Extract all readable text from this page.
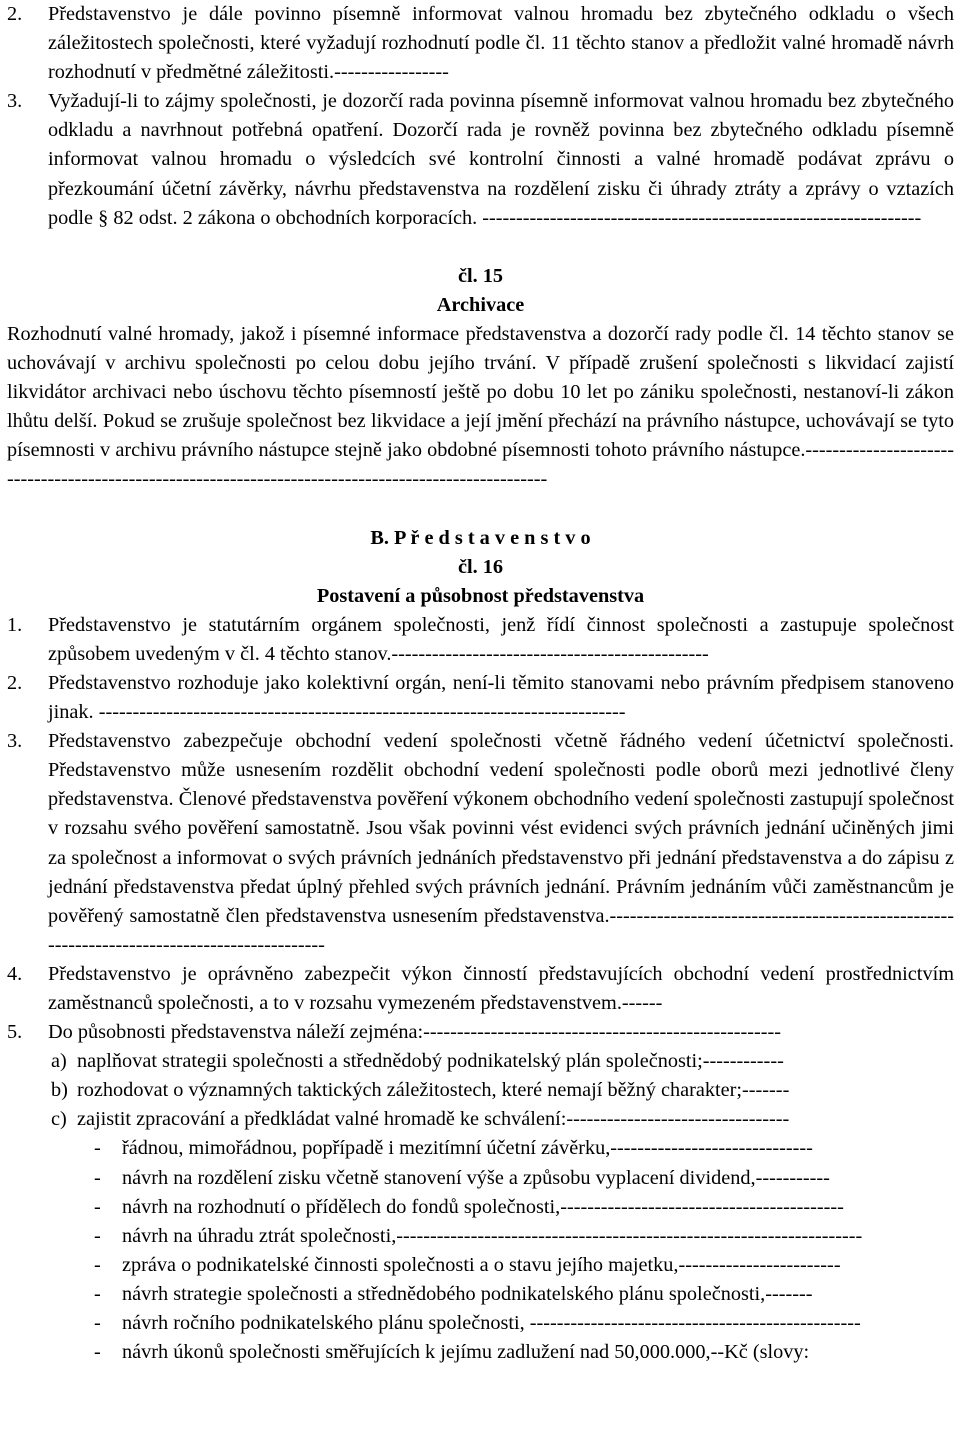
2.	Představenstvo je dále povinno písemně informovat valnou hromadu bez zbytečného odkladu o všech záležitostech společnosti, které vyžadují rozhodnutí podle čl. 11 těchto stanov a předložit valné hromadě návrh rozhodnutí v předmětné záležitosti.-----------------
3.	Vyžadují-li to zájmy společnosti, je dozorčí rada povinna písemně informovat valnou hromadu bez zbytečného odkladu a navrhnout potřebná opatření. Dozorčí rada je rovněž povinna bez zbytečného odkladu písemně informovat valnou hromadu o výsledcích své kontrolní činnosti a valné hromadě podávat zprávu o přezkoumání účetní závěrky, návrhu představenstva na rozdělení zisku či úhrady ztráty a zprávy o vztazích podle § 82 odst. 2 zákona o obchodních korporacích. -----------------------------------------------------------------
čl. 15
Archivace
Rozhodnutí valné hromady, jakož i písemné informace představenstva a dozorčí rady podle čl. 14 těchto stanov se uchovávají v archivu společnosti po celou dobu jejího trvání. V případě zrušení společnosti s likvidací zajistí likvidátor archivaci nebo úschovu těchto písemností ještě po dobu 10 let po zániku společnosti, nestanoví-li zákon lhůtu delší. Pokud se zrušuje společnost bez likvidace a její jmění přechází na právního nástupce, uchovávají se tyto písemnosti v archivu právního nástupce stejně jako obdobné písemnosti tohoto právního nástupce.------------------------------------------------------------------------------------------------------
B. P ř e d s t a v e n s t v o
čl. 16
Postavení a působnost představenstva
1.	Představenstvo je statutárním orgánem společnosti, jenž řídí činnost společnosti a zastupuje společnost způsobem uvedeným v čl. 4 těchto stanov.-----------------------------------------------
2.	Představenstvo rozhoduje jako kolektivní orgán, není-li těmito stanovami nebo právním předpisem stanoveno jinak. ------------------------------------------------------------------------------
3.	Představenstvo zabezpečuje obchodní vedení společnosti včetně řádného vedení účetnictví společnosti. Představenstvo může usnesením rozdělit obchodní vedení společnosti podle oborů mezi jednotlivé členy představenstva. Členové představenstva pověření výkonem obchodního vedení společnosti zastupují společnost v rozsahu svého pověření samostatně. Jsou však povinni vést evidenci svých právních jednání učiněných jimi za společnost a informovat o svých právních jednáních představenstvo při jednání představenstva a do zápisu z jednání představenstva předat úplný přehled svých právních jednání. Právním jednáním vůči zaměstnancům je pověřený samostatně člen představenstva usnesením představenstva.--------------------------------------------------------------------------------------------
4.	Představenstvo je oprávněno zabezpečit výkon činností představujících obchodní vedení prostřednictvím zaměstnanců společnosti, a to v rozsahu vymezeném představenstvem.------
5.	Do působnosti představenstva náleží zejména:-----------------------------------------------------
a) naplňovat strategii společnosti a střednědobý podnikatelský plán společnosti;------------
b) rozhodovat o významných taktických záležitostech, které nemají běžný charakter;-------
c) zajistit zpracování a předkládat valné hromadě ke schválení:---------------------------------
-	řádnou, mimořádnou, popřípadě i mezitímní účetní závěrku,------------------------------
-	návrh na rozdělení zisku včetně stanovení výše a způsobu vyplacení dividend,-----------
-	návrh na rozhodnutí o přídělech do fondů společnosti,------------------------------------------
-	návrh na úhradu ztrát společnosti,---------------------------------------------------------------------
-	zpráva o podnikatelské činnosti společnosti a o stavu jejího majetku,------------------------
-	návrh strategie společnosti a střednědobého podnikatelského plánu společnosti,-------
-	návrh ročního podnikatelského plánu společnosti, -------------------------------------------------
-	návrh úkonů společnosti směřujících k jejímu zadlužení nad 50,000.000,--Kč (slovy:
